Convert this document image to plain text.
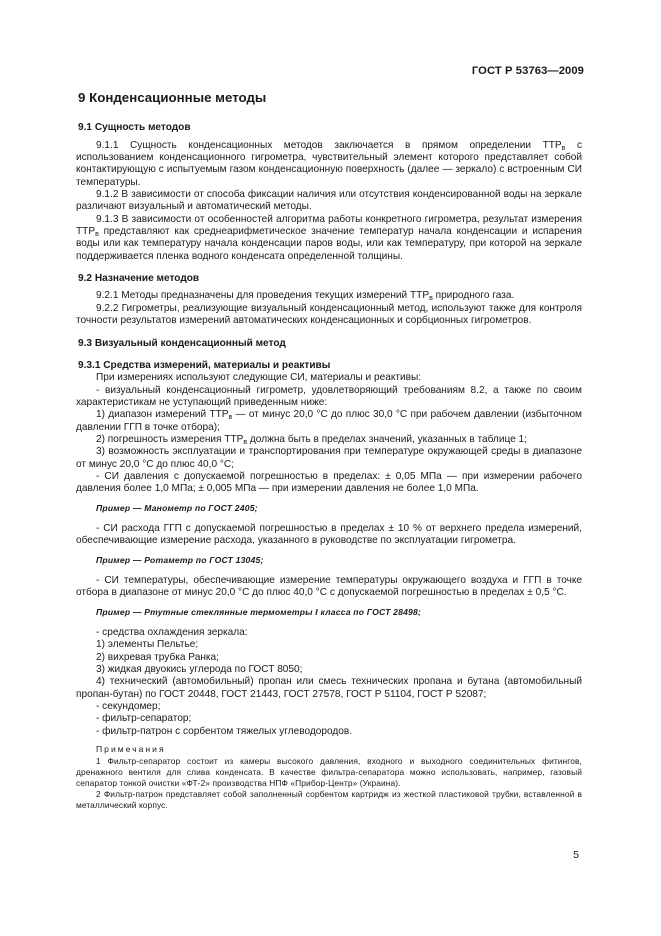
ГОСТ Р 53763—2009
9 Конденсационные методы
9.1 Сущность методов

9.1.1 Сущность конденсационных методов заключается в прямом определении $ТТР_в$ с использованием конденсационного гигрометра, чувствительный элемент которого представляет собой контактирующую с испытуемым газом конденсационную поверхность (далее — зеркало) с встроенным СИ температуры.

9.1.2 В зависимости от способа фиксации наличия или отсутствия конденсированной воды на зеркале различают визуальный и автоматический методы.

9.1.3 В зависимости от особенностей алгоритма работы конкретного гигрометра, результат измерения $ТТР_в$ представляют как среднеарифметическое значение температур начала конденсации и испарения воды или как температуру начала конденсации паров воды, или как температуру, при которой на зеркале поддерживается пленка водного конденсата определенной толщины.

9.2 Назначение методов

9.2.1 Методы предназначены для проведения текущих измерений $ТТР_в$ природного газа.

9.2.2 Гигрометры, реализующие визуальный конденсационный метод, используют также для контроля точности результатов измерений автоматических конденсационных и сорбционных гигрометров.

9.3 Визуальный конденсационный метод
9.3.1 Средства измерений, материалы и реактивы

При измерениях используют следующие СИ, материалы и реактивы:

- визуальный конденсационный гигрометр, удовлетворяющий требованиям 8.2, а также по своим характеристикам не уступающий приведенным ниже:

1) диапазон измерений $ТТР_в$ — от минус 20,0 °С до плюс 30,0 °С при рабочем давлении (избыточном давлении ГГП в точке отбора);

2) погрешность измерения $ТТР_в$ должна быть в пределах значений, указанных в таблице 1;

3) возможность эксплуатации и транспортирования при температуре окружающей среды в диапазоне от минус 20,0 °С до плюс 40,0 °С;

- СИ давления с допускаемой погрешностью в пределах: ± 0,05 МПа — при измерении рабочего давления более 1,0 МПа; ± 0,005 МПа — при измерении давления не более 1,0 МПа.

Пример — Манометр по ГОСТ 2405;

- СИ расхода ГГП с допускаемой погрешностью в пределах ± 10 % от верхнего предела измерений, обеспечивающие измерение расхода, указанного в руководстве по эксплуатации гигрометра.

Пример — Ротаметр по ГОСТ 13045;

- СИ температуры, обеспечивающие измерение температуры окружающего воздуха и ГГП в точке отбора в диапазоне от минус 20,0 °С до плюс 40,0 °С с допускаемой погрешностью в пределах ± 0,5 °С.

Пример — Ртутные стеклянные термометры I класса по ГОСТ 28498;

- средства охлаждения зеркала:

1) элементы Пельтье;

2) вихревая трубка Ранка;

3) жидкая двуокись углерода по ГОСТ 8050;

4) технический (автомобильный) пропан или смесь технических пропана и бутана (автомобильный пропан-бутан) по ГОСТ 20448, ГОСТ 21443, ГОСТ 27578, ГОСТ Р 51104, ГОСТ Р 52087;

- секундомер;

- фильтр-сепаратор;

- фильтр-патрон с сорбентом тяжелых углеводородов.

Примечания

1 Фильтр-сепаратор состоит из камеры высокого давления, входного и выходного соединительных фитингов, дренажного вентиля для слива конденсата. В качестве фильтра-сепаратора можно использовать, например, газовый сепаратор тонкой очистки «ФТ-2» производства НПФ «Прибор-Центр» (Украина).

2 Фильтр-патрон представляет собой заполненный сорбентом картридж из жесткой пластиковой трубки, вставленной в металлический корпус.

5
